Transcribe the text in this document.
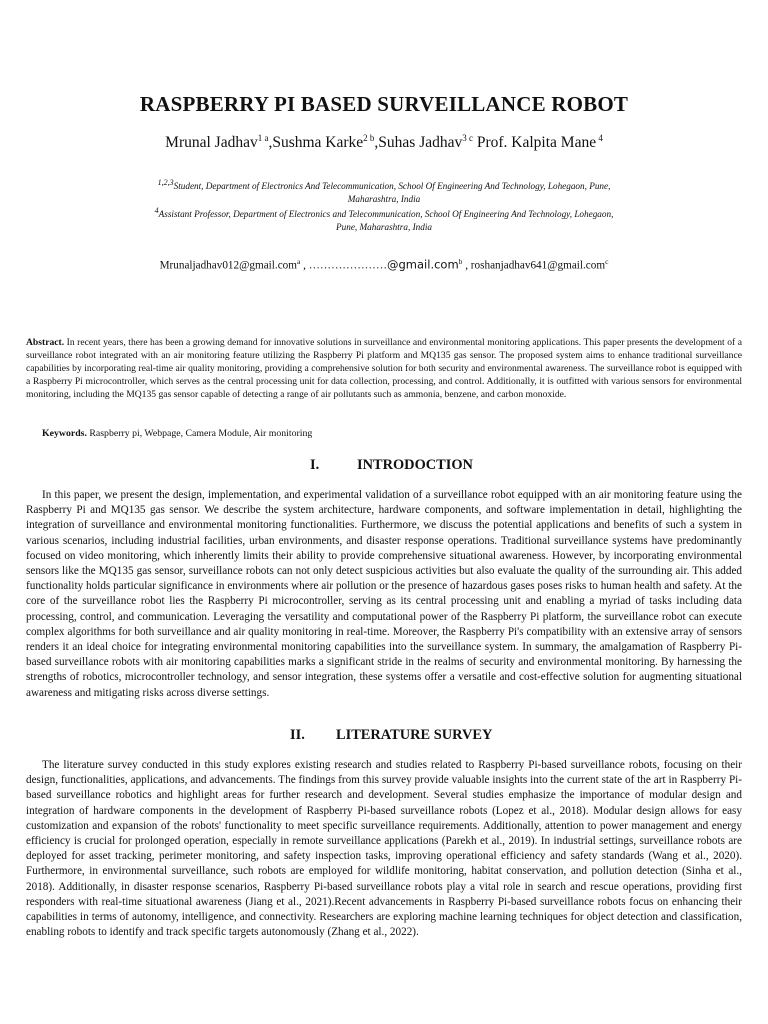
RASPBERRY PI BASED SURVEILLANCE ROBOT
Mrunal Jadhav$^{1 a}$,Sushma Karke$^{2 b}$,Suhas Jadhav$^{3 c}$ Prof. Kalpita Mane $^4$
$^{1,2,3}$Student, Department of Electronics And Telecommunication, School Of Engineering And Technology, Lohegaon, Pune, Maharashtra, India
$^4$Assistant Professor, Department of Electronics and Telecommunication, School Of Engineering And Technology, Lohegaon, Pune, Maharashtra, India
Mrunaljadhav012@gmail.com$^a$ , …………………@gmail.com$^b$ , roshanjadhav641@gmail.com$^c$
Abstract. In recent years, there has been a growing demand for innovative solutions in surveillance and environmental monitoring applications. This paper presents the development of a surveillance robot integrated with an air monitoring feature utilizing the Raspberry Pi platform and MQ135 gas sensor. The proposed system aims to enhance traditional surveillance capabilities by incorporating real-time air quality monitoring, providing a comprehensive solution for both security and environmental awareness. The surveillance robot is equipped with a Raspberry Pi microcontroller, which serves as the central processing unit for data collection, processing, and control. Additionally, it is outfitted with various sensors for environmental monitoring, including the MQ135 gas sensor capable of detecting a range of air pollutants such as ammonia, benzene, and carbon monoxide.
Keywords. Raspberry pi, Webpage, Camera Module, Air monitoring
I.	INTRODOCTION
In this paper, we present the design, implementation, and experimental validation of a surveillance robot equipped with an air monitoring feature using the Raspberry Pi and MQ135 gas sensor. We describe the system architecture, hardware components, and software implementation in detail, highlighting the integration of surveillance and environmental monitoring functionalities. Furthermore, we discuss the potential applications and benefits of such a system in various scenarios, including industrial facilities, urban environments, and disaster response operations. Traditional surveillance systems have predominantly focused on video monitoring, which inherently limits their ability to provide comprehensive situational awareness. However, by incorporating environmental sensors like the MQ135 gas sensor, surveillance robots can not only detect suspicious activities but also evaluate the quality of the surrounding air. This added functionality holds particular significance in environments where air pollution or the presence of hazardous gases poses risks to human health and safety. At the core of the surveillance robot lies the Raspberry Pi microcontroller, serving as its central processing unit and enabling a myriad of tasks including data processing, control, and communication. Leveraging the versatility and computational power of the Raspberry Pi platform, the surveillance robot can execute complex algorithms for both surveillance and air quality monitoring in real-time. Moreover, the Raspberry Pi's compatibility with an extensive array of sensors renders it an ideal choice for integrating environmental monitoring capabilities into the surveillance system. In summary, the amalgamation of Raspberry Pi-based surveillance robots with air monitoring capabilities marks a significant stride in the realms of security and environmental monitoring. By harnessing the strengths of robotics, microcontroller technology, and sensor integration, these systems offer a versatile and cost-effective solution for augmenting situational awareness and mitigating risks across diverse settings.
II. LITERATURE SURVEY
The literature survey conducted in this study explores existing research and studies related to Raspberry Pi-based surveillance robots, focusing on their design, functionalities, applications, and advancements. The findings from this survey provide valuable insights into the current state of the art in Raspberry Pi-based surveillance robotics and highlight areas for further research and development. Several studies emphasize the importance of modular design and integration of hardware components in the development of Raspberry Pi-based surveillance robots (Lopez et al., 2018). Modular design allows for easy customization and expansion of the robots' functionality to meet specific surveillance requirements. Additionally, attention to power management and energy efficiency is crucial for prolonged operation, especially in remote surveillance applications (Parekh et al., 2019). In industrial settings, surveillance robots are deployed for asset tracking, perimeter monitoring, and safety inspection tasks, improving operational efficiency and safety standards (Wang et al., 2020). Furthermore, in environmental surveillance, such robots are employed for wildlife monitoring, habitat conservation, and pollution detection (Sinha et al., 2018). Additionally, in disaster response scenarios, Raspberry Pi-based surveillance robots play a vital role in search and rescue operations, providing first responders with real-time situational awareness (Jiang et al., 2021).Recent advancements in Raspberry Pi-based surveillance robots focus on enhancing their capabilities in terms of autonomy, intelligence, and connectivity. Researchers are exploring machine learning techniques for object detection and classification, enabling robots to identify and track specific targets autonomously (Zhang et al., 2022).
